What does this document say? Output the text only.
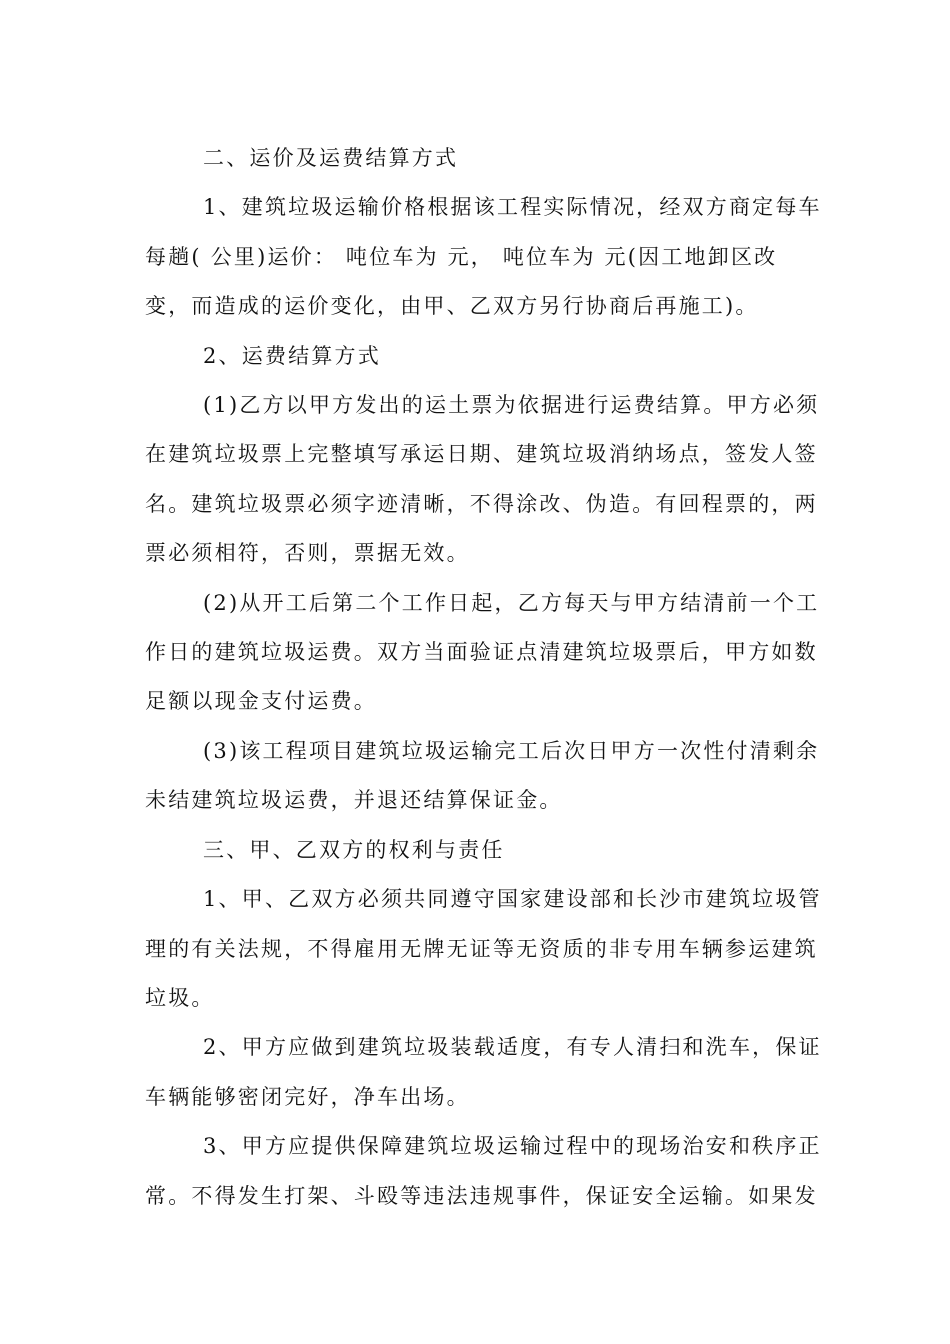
二、运价及运费结算方式
1、建筑垃圾运输价格根据该工程实际情况，经双方商定每车
每趟( 公里)运价： 吨位车为 元， 吨位车为 元(因工地卸区改
变，而造成的运价变化，由甲、乙双方另行协商后再施工)。
2、运费结算方式
(1)乙方以甲方发出的运土票为依据进行运费结算。甲方必须
在建筑垃圾票上完整填写承运日期、建筑垃圾消纳场点，签发人签
名。建筑垃圾票必须字迹清晰，不得涂改、伪造。有回程票的，两
票必须相符，否则，票据无效。
(2)从开工后第二个工作日起，乙方每天与甲方结清前一个工
作日的建筑垃圾运费。双方当面验证点清建筑垃圾票后，甲方如数
足额以现金支付运费。
(3)该工程项目建筑垃圾运输完工后次日甲方一次性付清剩余
未结建筑垃圾运费，并退还结算保证金。
三、甲、乙双方的权利与责任
1、甲、乙双方必须共同遵守国家建设部和长沙市建筑垃圾管
理的有关法规，不得雇用无牌无证等无资质的非专用车辆参运建筑
垃圾。
2、甲方应做到建筑垃圾装载适度，有专人清扫和洗车，保证
车辆能够密闭完好，净车出场。
3、甲方应提供保障建筑垃圾运输过程中的现场治安和秩序正
常。不得发生打架、斗殴等违法违规事件，保证安全运输。如果发
